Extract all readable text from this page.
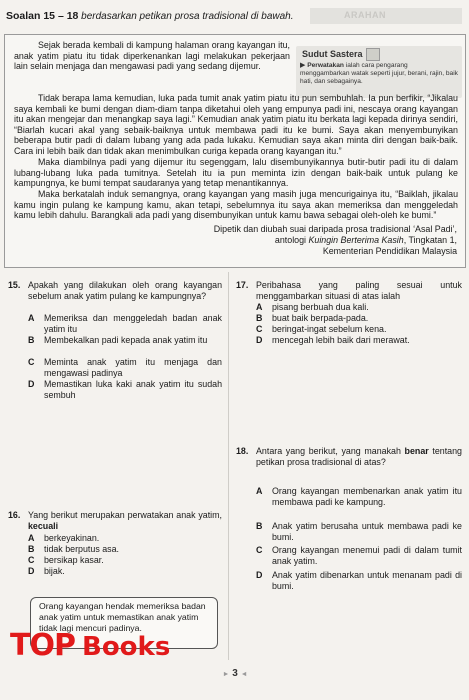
Soalan 15 – 18 berdasarkan petikan prosa tradisional di bawah.	ARAHAN

Sejak berada kembali di kampung halaman orang kayangan itu, anak yatim piatu itu tidak diperkenankan lagi melakukan pekerjaan lain selain menjaga dan mengawasi padi yang sedang dijemur.

Sudut Sastera
▶ Perwatakan ialah cara pengarang menggambarkan watak seperti jujur, berani, rajin, baik hati, dan sebagainya.

Tidak berapa lama kemudian, luka pada tumit anak yatim piatu itu pun sembuhlah. Ia pun berfikir, “Jikalau saya kembali ke bumi dengan diam-diam tanpa diketahui oleh yang empunya padi ini, nescaya orang kayangan itu akan mengejar dan menangkap saya lagi.” Kemudian anak yatim piatu itu berkata lagi kepada dirinya sendiri, “Biarlah kucari akal yang sebaik-baiknya untuk membawa padi itu ke bumi. Saya akan menyembunyikan beberapa butir padi di dalam lubang yang ada pada lukaku. Kemudian saya akan minta diri dengan baik-baik. Cara ini lebih baik dan tidak akan menimbulkan curiga kepada orang kayangan itu.”

Maka diambilnya padi yang dijemur itu segenggam, lalu disembunyikannya butir-butir padi itu di dalam lubang-lubang luka pada tumitnya. Setelah itu ia pun meminta izin dengan baik-baik untuk pulang ke kampungnya, ke bumi tempat saudaranya yang tetap menantikannya.

Maka berkatalah induk semangnya, orang kayangan yang masih juga mencurigainya itu, “Baiklah, jikalau kamu ingin pulang ke kampung kamu, akan tetapi, sebelumnya itu saya akan memeriksa dan menggeledah kamu lebih dahulu. Barangkali ada padi yang disembunyikan untuk kamu bawa sebagai oleh-oleh ke bumi.”

Dipetik dan diubah suai daripada prosa tradisional ‘Asal Padi’,
antologi Kuingin Berterima Kasih, Tingkatan 1,
Kementerian Pendidikan Malaysia
15. Apakah yang dilakukan oleh orang kayangan sebelum anak yatim pulang ke kampungnya?
A Memeriksa dan menggeledah badan anak yatim itu
B Membekalkan padi kepada anak yatim itu
C Meminta anak yatim itu menjaga dan mengawasi padinya
D Memastikan luka kaki anak yatim itu sudah sembuh
16. Yang berikut merupakan perwatakan anak yatim, kecuali
A berkeyakinan.
B tidak berputus asa.
C bersikap kasar.
D bijak.
17. Peribahasa yang paling sesuai untuk menggambarkan situasi di atas ialah
A pisang berbuah dua kali.
B buat baik berpada-pada.
C beringat-ingat sebelum kena.
D mencegah lebih baik dari merawat.
18. Antara yang berikut, yang manakah benar tentang petikan prosa tradisional di atas?
A Orang kayangan membenarkan anak yatim itu membawa padi ke kampung.
B Anak yatim berusaha untuk membawa padi ke bumi.
C Orang kayangan menemui padi di dalam tumit anak yatim.
D Anak yatim dibenarkan untuk menanam padi di bumi.
Orang kayangan hendak memeriksa badan anak yatim untuk memastikan anak yatim tidak lagi mencuri padinya.
TOP Books
► 3 ◄
